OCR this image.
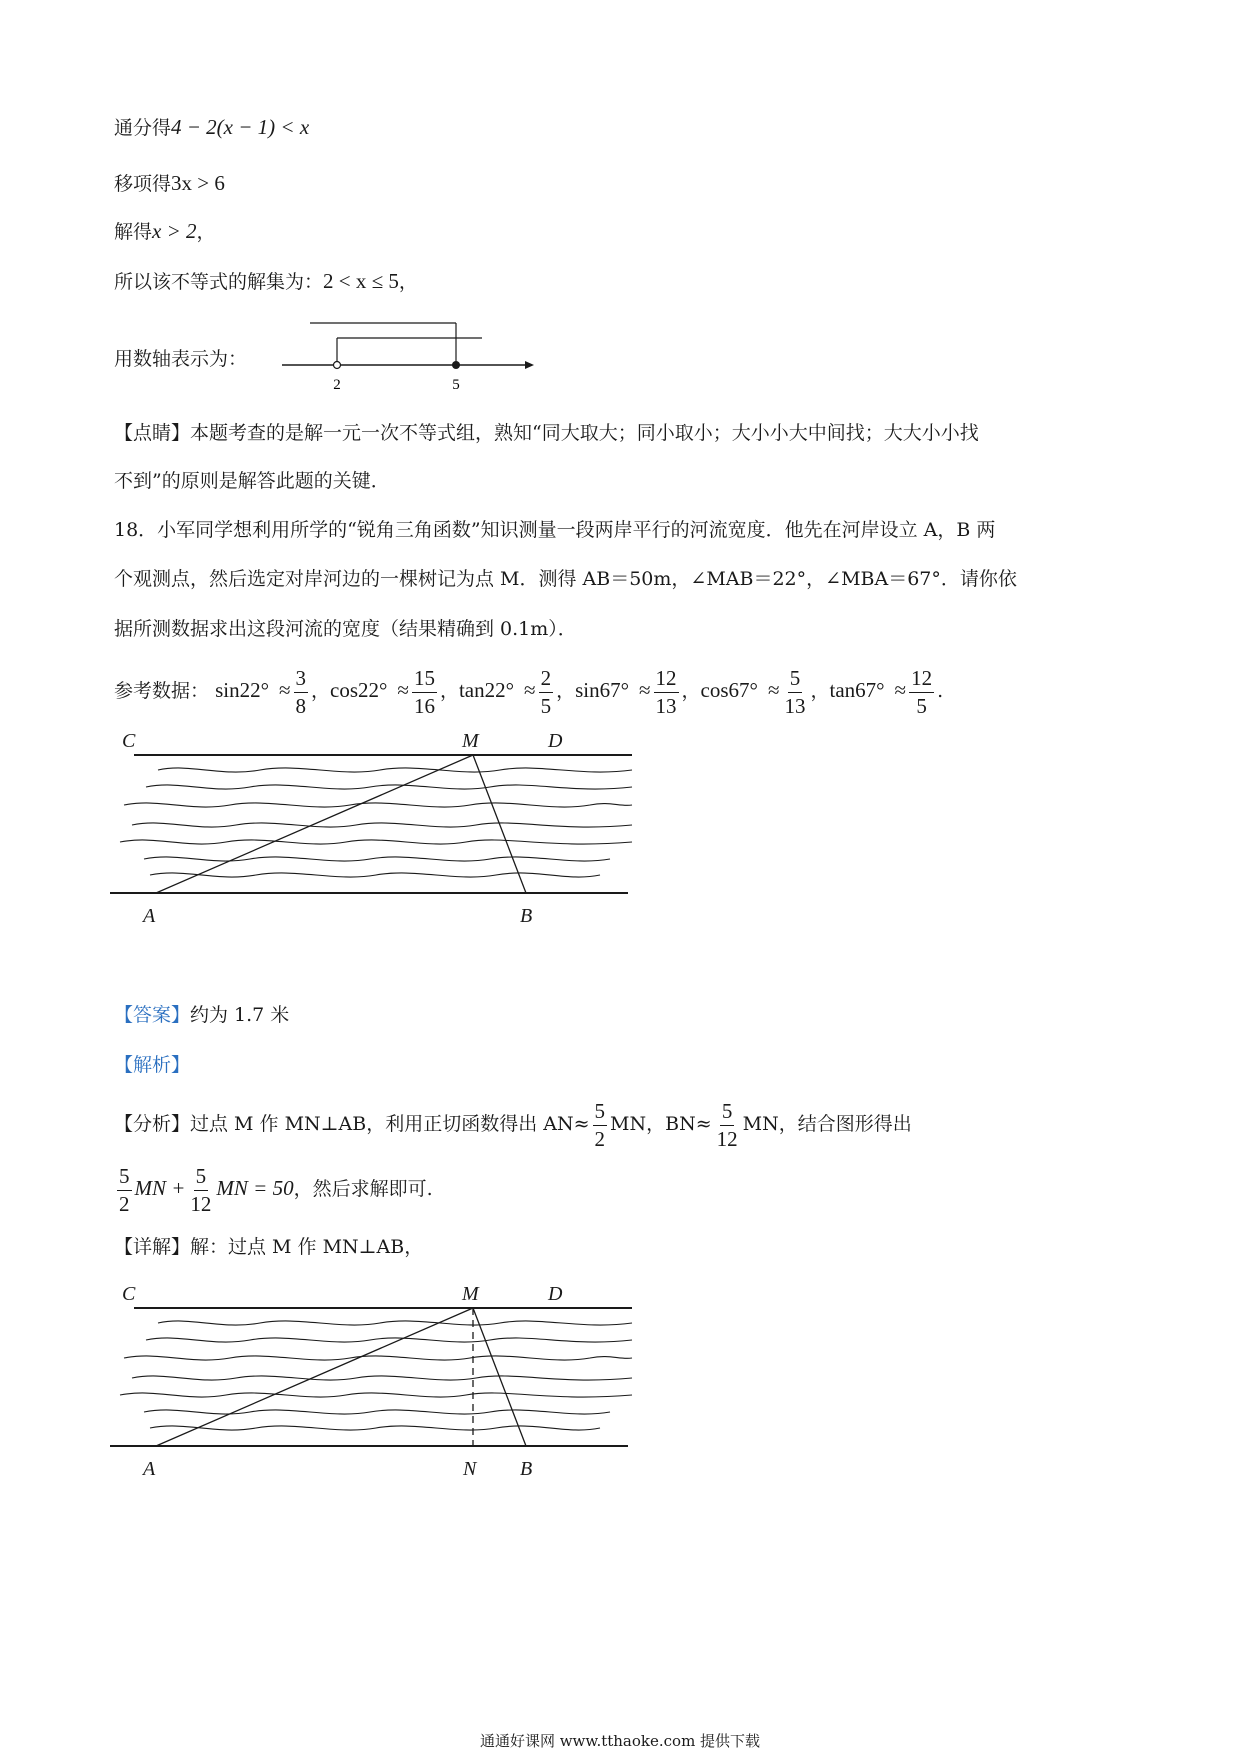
通分得4 − 2(x − 1) < x
移项得3x > 6
解得x > 2，
所以该不等式的解集为：2 < x ≤ 5，
用数轴表示为：
2	5
【点睛】本题考查的是解一元一次不等式组，熟知“同大取大；同小取小；大小小大中间找；大大小小找
不到”的原则是解答此题的关键．
18．小军同学想利用所学的“锐角三角函数”知识测量一段两岸平行的河流宽度．他先在河岸设立 A，B 两
个观测点，然后选定对岸河边的一棵树记为点 M．测得 AB＝50m，∠MAB＝22°，∠MBA＝67°．请你依
据所测数据求出这段河流的宽度（结果精确到 0.1m）．
参考数据： $\sin 22^\circ \approx \frac{3}{8}$ ，$\cos 22^\circ \approx \frac{15}{16}$ ，$\tan 22^\circ \approx \frac{2}{5}$ ，$\sin 67^\circ \approx \frac{12}{13}$ ，$\cos 67^\circ \approx \frac{5}{13}$ ，$\tan 67^\circ \approx \frac{12}{5}$ .
C	M	D
A	B
【答案】约为 1.7 米
【解析】
【分析】过点 M 作 MN⊥AB，利用正切函数得出 $AN\approx \frac{5}{2}$ MN，$BN\approx \frac{5}{12}$ MN，结合图形得出
$\frac{5}{2}$ MN + $\frac{5}{12}$ MN = 50，然后求解即可.
【详解】解：过点 M 作 MN⊥AB，
C	M	D
A	N B
通通好课网 www.tthaoke.com 提供下载
